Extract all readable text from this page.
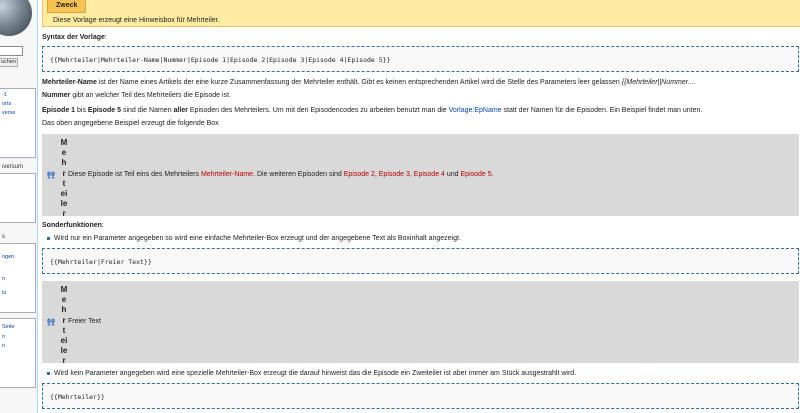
uchen
-1
orts
verse
iversum
s
ngen
n
ts
Seite
n
n
Zweck
Diese Vorlage erzeugt eine Hinweisbox für Mehrteiler.
Syntax der Vorlage:
{{Mehrteiler|Mehrteiler-Name|Nummer|Episode 1|Episode 2|Episode 3|Episode 4|Episode 5}}
Mehrteiler-Name ist der Name eines Artikels der eine kurze Zusammenfassung der Mehrteiler enthält. Gibt es keinen entsprechenden Artikel wird die Stelle des Parameters leer gelassen {{Mehrteiler||Nummer....
Nummer gibt an welcher Teil des Mehrteilers die Episode ist.
Episode 1 bis Episode 5 sind die Namen aller Episoden des Mehrteilers. Um mit den Episodencodes zu arbeiten benutzt man die Vorlage:EpName statt der Namen für die Episoden. Ein Beispiel findet man unten.
Das oben angegebene Beispiel erzeugt die folgende Box
M
e
h
r
t
ei
le
r
Diese Episode ist Teil eins des Mehrteilers Mehrteiler-Name. Die weiteren Episoden sind Episode 2, Episode 3, Episode 4 und Episode 5.
Sonderfunktionen:
Wird nur ein Parameter angegeben so wird eine einfache Mehrteiler-Box erzeugt und der angegebene Text als Boxinhalt angezeigt.
{{Mehrteiler|Freier Text}}
M
e
h
r
t
ei
le
r
Freier Text
Wird kein Parameter angegeben wird eine spezielle Mehrteiler-Box erzeugt die darauf hinweist das die Episode ein Zweiteiler ist aber immer am Stück ausgestrahlt wird.
{{Mehrteiler}}
